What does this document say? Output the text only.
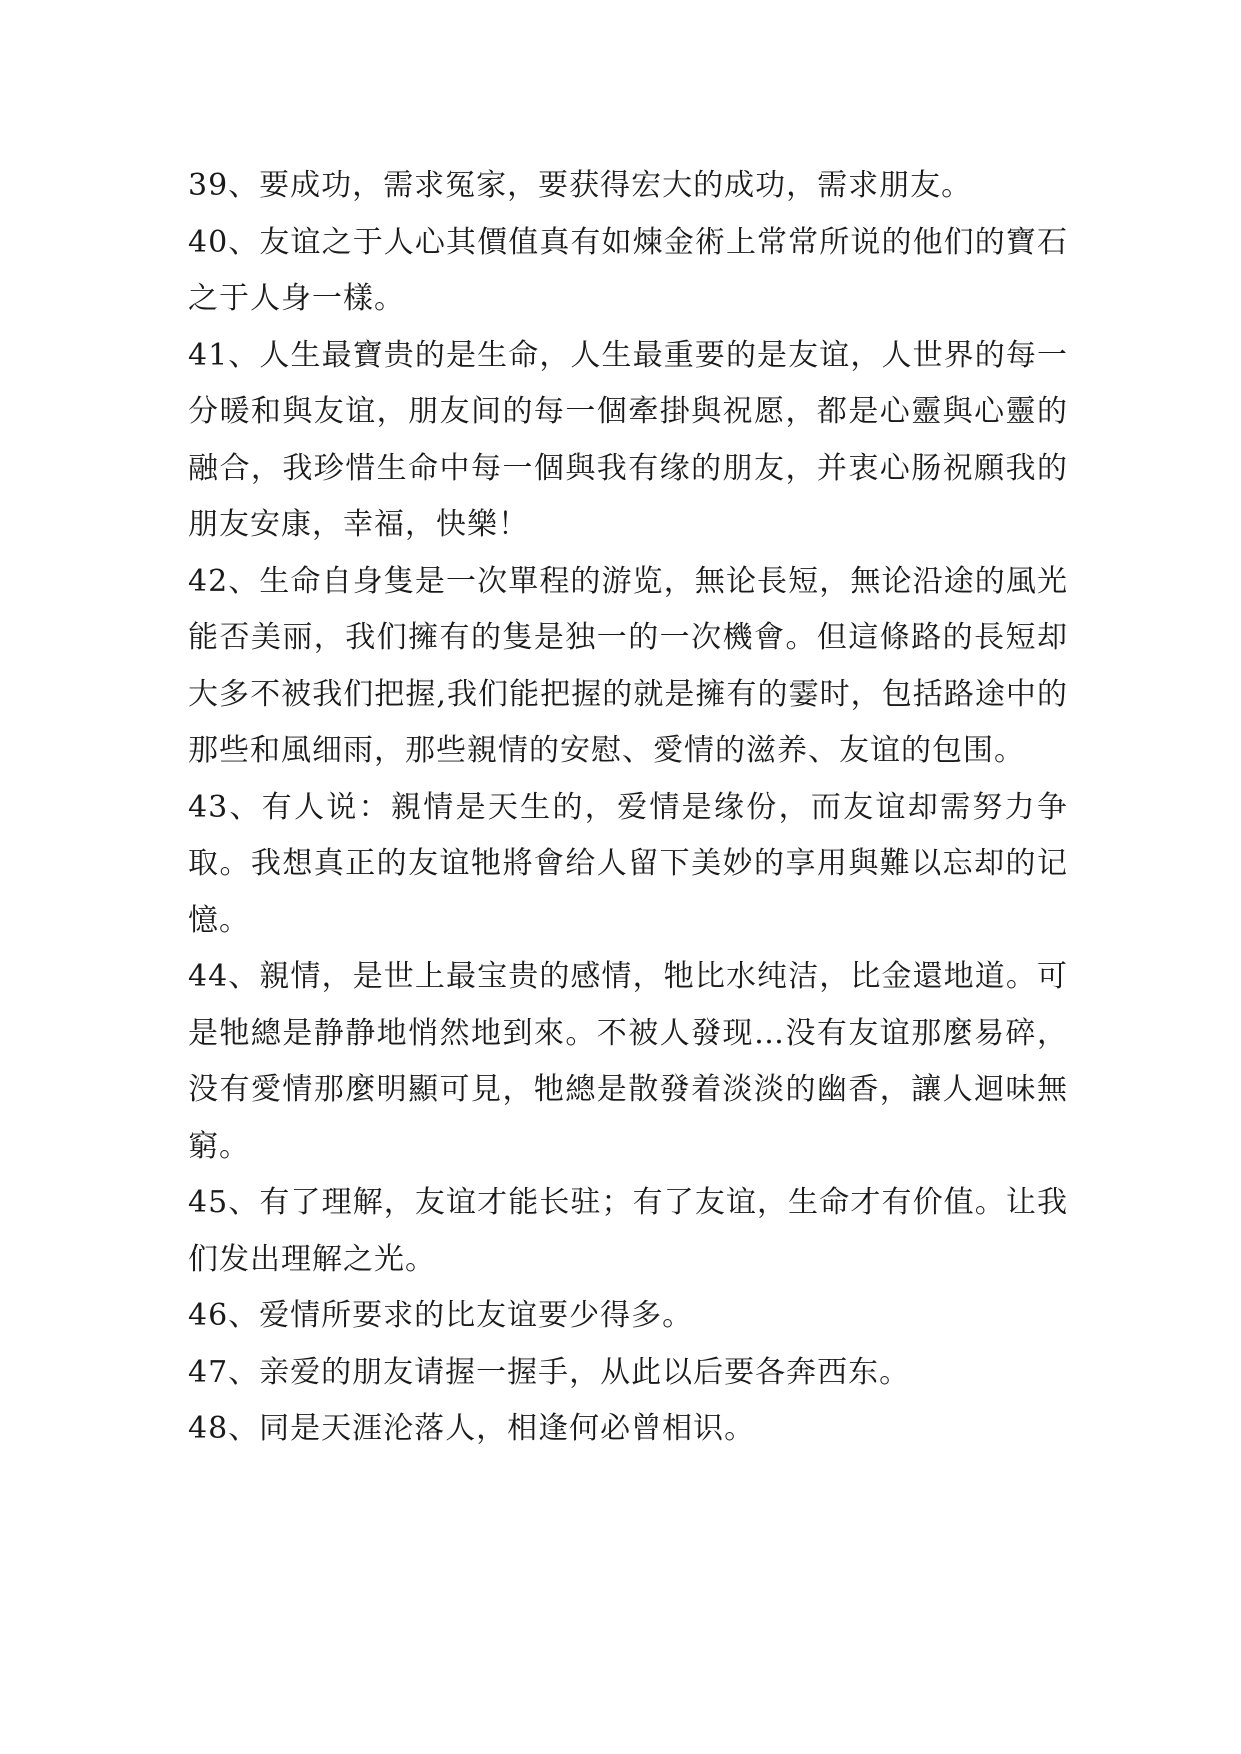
39、要成功，需求冤家，要获得宏大的成功，需求朋友。

40、友谊之于人心其價值真有如煉金術上常常所说的他们的寶石之于人身一樣。

41、人生最寶贵的是生命，人生最重要的是友谊，人世界的每一分暖和與友谊，朋友间的每一個牽掛與祝愿，都是心靈與心靈的融合，我珍惜生命中每一個與我有缘的朋友，并衷心肠祝願我的朋友安康，幸福，快樂！

42、生命自身隻是一次單程的游览，無论長短，無论沿途的風光能否美丽，我们擁有的隻是独一的一次機會。但這條路的長短却大多不被我们把握,我们能把握的就是擁有的霎时，包括路途中的那些和風细雨，那些親情的安慰、愛情的滋养、友谊的包围。

43、有人说：親情是天生的，爱情是缘份，而友谊却需努力争取。我想真正的友谊牠將會给人留下美妙的享用與難以忘却的记憶。

44、親情，是世上最宝贵的感情，牠比水纯洁，比金還地道。可是牠總是静静地悄然地到來。不被人發现…没有友谊那麼易碎，没有愛情那麼明顯可見，牠總是散發着淡淡的幽香，讓人迴味無窮。

45、有了理解，友谊才能长驻；有了友谊，生命才有价值。让我们发出理解之光。

46、爱情所要求的比友谊要少得多。

47、亲爱的朋友请握一握手，从此以后要各奔西东。

48、同是天涯沦落人，相逢何必曾相识。
